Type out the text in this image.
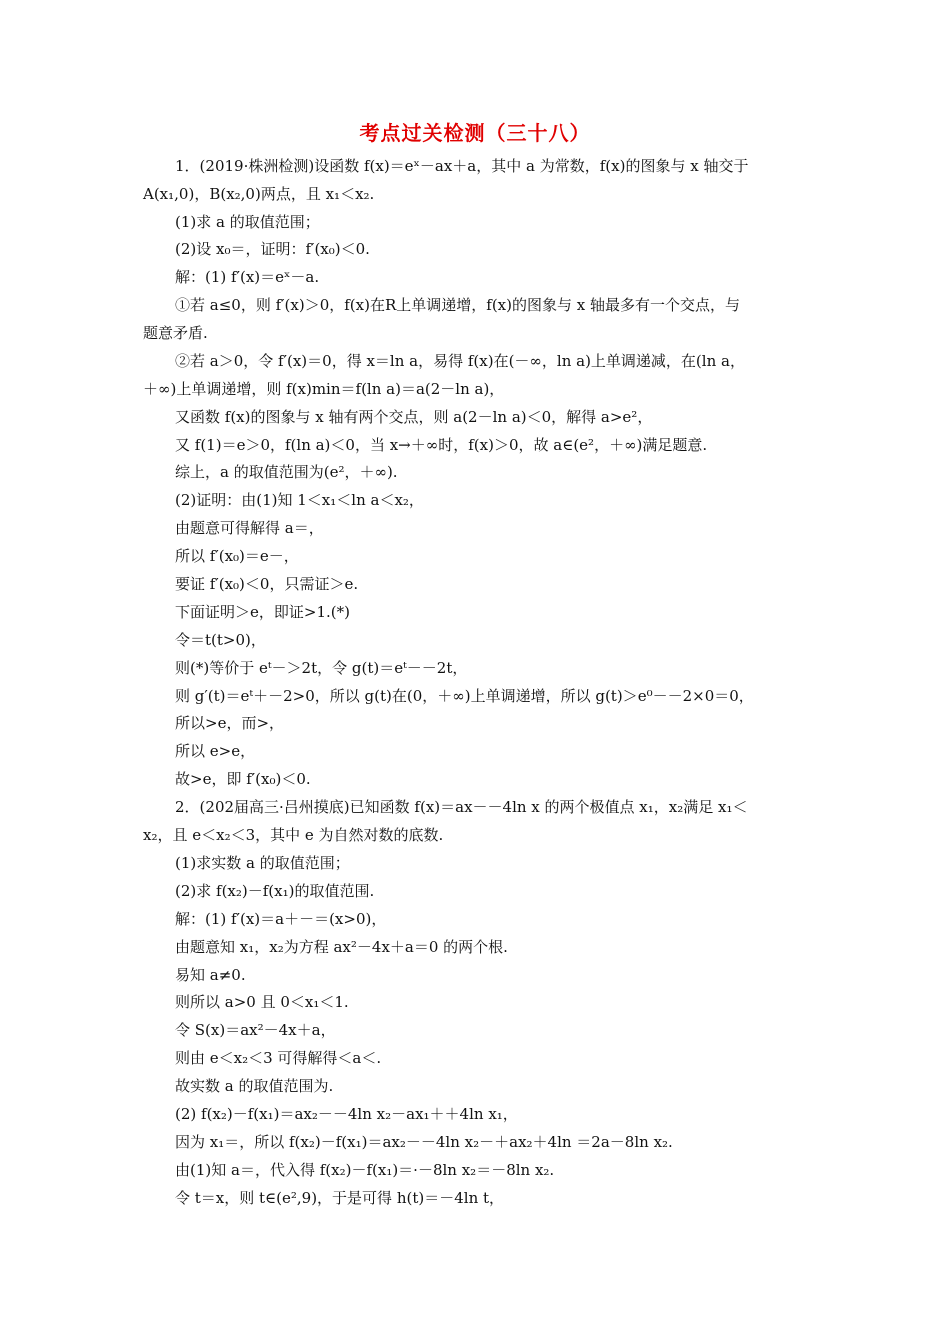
考点过关检测（三十八）
1．(2019·株洲检测)设函数 f(x)＝eˣ－ax＋a，其中 a 为常数，f(x)的图象与 x 轴交于
A(x₁,0)，B(x₂,0)两点，且 x₁＜x₂.
(1)求 a 的取值范围；
(2)设 x₀＝，证明：f′(x₀)＜0.
解：(1) f′(x)＝eˣ－a.
①若 a≤0，则 f′(x)＞0，f(x)在R上单调递增，f(x)的图象与 x 轴最多有一个交点，与
题意矛盾.
②若 a＞0，令 f′(x)＝0，得 x＝ln a，易得 f(x)在(－∞，ln a)上单调递减，在(ln a，
＋∞)上单调递增，则 f(x)min＝f(ln a)＝a(2－ln a)，
又函数 f(x)的图象与 x 轴有两个交点，则 a(2－ln a)＜0，解得 a>e²，
又 f(1)＝e＞0，f(ln a)＜0，当 x→＋∞时，f(x)＞0，故 a∈(e²，＋∞)满足题意.
综上，a 的取值范围为(e²，＋∞).
(2)证明：由(1)知 1＜x₁＜ln a＜x₂，
由题意可得解得 a＝，
所以 f′(x₀)＝e－，
要证 f′(x₀)＜0，只需证＞e.
下面证明＞e，即证>1.(*)
令＝t(t>0)，
则(*)等价于 eᵗ－＞2t，令 g(t)＝eᵗ－－2t，
则 g′(t)＝eᵗ＋－2>0，所以 g(t)在(0，＋∞)上单调递增，所以 g(t)＞e⁰－－2×0＝0，
所以>e，而>，
所以 e>e，
故>e，即 f′(x₀)＜0.
2．(202届高三·吕州摸底)已知函数 f(x)＝ax－－4ln x 的两个极值点 x₁，x₂满足 x₁＜
x₂，且 e＜x₂＜3，其中 e 为自然对数的底数.
(1)求实数 a 的取值范围；
(2)求 f(x₂)－f(x₁)的取值范围.
解：(1) f′(x)＝a＋－＝(x>0)，
由题意知 x₁，x₂为方程 ax²－4x＋a＝0 的两个根.
易知 a≠0.
则所以 a>0 且 0＜x₁＜1.
令 S(x)＝ax²－4x＋a，
则由 e＜x₂＜3 可得解得＜a＜.
故实数 a 的取值范围为.
(2) f(x₂)－f(x₁)＝ax₂－－4ln x₂－ax₁＋＋4ln x₁，
因为 x₁＝，所以 f(x₂)－f(x₁)＝ax₂－－4ln x₂－＋ax₂＋4ln ＝2a－8ln x₂.
由(1)知 a＝，代入得 f(x₂)－f(x₁)＝·－8ln x₂＝－8ln x₂.
令 t＝x，则 t∈(e²,9)，于是可得 h(t)＝－4ln t，
